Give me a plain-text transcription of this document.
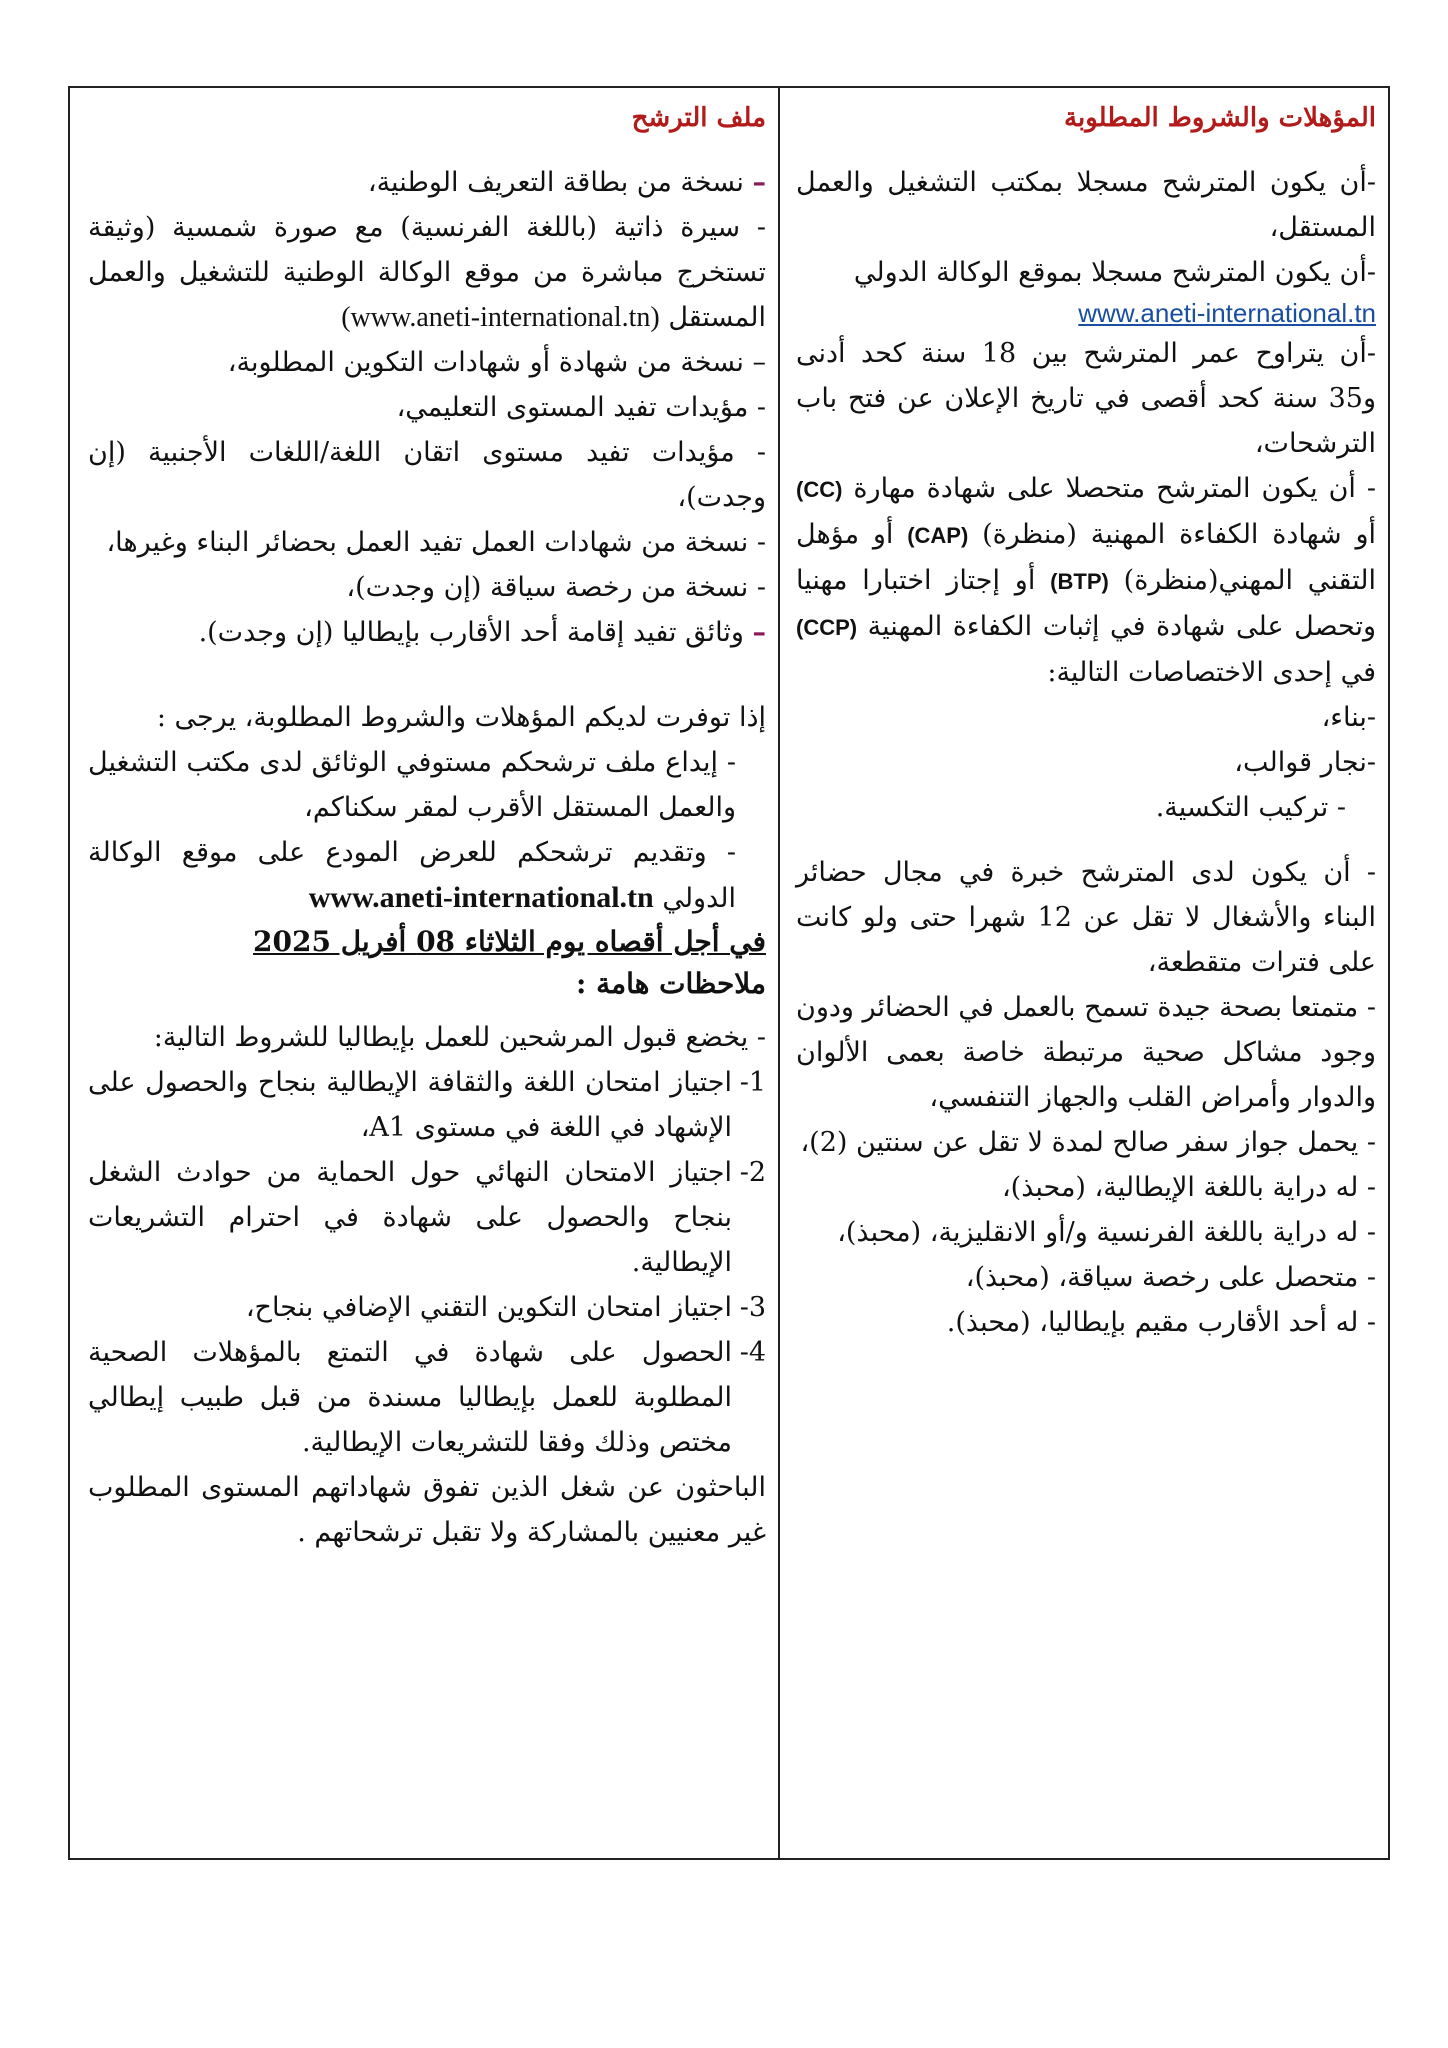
المؤهلات والشروط المطلوبة

-أن يكون المترشح مسجلا بمكتب التشغيل والعمل المستقل،

-أن يكون المترشح مسجلا بموقع الوكالة الدولي

www.aneti-international.tn

-أن يتراوح عمر المترشح بين 18 سنة كحد أدنى و35 سنة كحد أقصى في تاريخ الإعلان عن فتح باب الترشحات،

- أن يكون المترشح متحصلا على شهادة مهارة (CC) أو شهادة الكفاءة المهنية (منظرة) (CAP) أو مؤهل التقني المهني(منظرة) (BTP) أو إجتاز اختبارا مهنيا وتحصل على شهادة في إثبات الكفاءة المهنية (CCP) في إحدى الاختصاصات التالية:

-بناء،

-نجار قوالب،

- تركيب التكسية.

- أن يكون لدى المترشح خبرة في مجال حضائر البناء والأشغال لا تقل عن 12 شهرا حتى ولو كانت على فترات متقطعة،

- متمتعا بصحة جيدة تسمح بالعمل في الحضائر ودون وجود مشاكل صحية مرتبطة خاصة بعمى الألوان والدوار وأمراض القلب والجهاز التنفسي،

- يحمل جواز سفر صالح لمدة لا تقل عن سنتين (2)،

- له دراية باللغة الإيطالية، (محبذ)،

- له دراية باللغة الفرنسية و/أو الانقليزية، (محبذ)،

- متحصل على رخصة سياقة، (محبذ)،

- له أحد الأقارب مقيم بإيطاليا، (محبذ).

ملف الترشح

– نسخة من بطاقة التعريف الوطنية،

- سيرة ذاتية (باللغة الفرنسية) مع صورة شمسية (وثيقة تستخرج مباشرة من موقع الوكالة الوطنية للتشغيل والعمل المستقل (www.aneti-international.tn)

– نسخة من شهادة أو شهادات التكوين المطلوبة،

- مؤيدات تفيد المستوى التعليمي،

- مؤيدات تفيد مستوى اتقان اللغة/اللغات الأجنبية (إن وجدت)،

- نسخة من شهادات العمل تفيد العمل بحضائر البناء وغيرها،

- نسخة من رخصة سياقة (إن وجدت)،

– وثائق تفيد إقامة أحد الأقارب بإيطاليا (إن وجدت).

إذا توفرت لديكم المؤهلات والشروط المطلوبة، يرجى :

- إيداع ملف ترشحكم مستوفي الوثائق لدى مكتب التشغيل والعمل المستقل الأقرب لمقر سكناكم،

- وتقديم ترشحكم للعرض المودع على موقع الوكالة الدولي www.aneti-international.tn

في أجل أقصاه يوم الثلاثاء 08 أفريل 2025

ملاحظات هامة :

- يخضع قبول المرشحين للعمل بإيطاليا للشروط التالية:

1-
اجتياز امتحان اللغة والثقافة الإيطالية بنجاح والحصول على الإشهاد في اللغة في مستوى A1،

2-
اجتياز الامتحان النهائي حول الحماية من حوادث الشغل بنجاح والحصول على شهادة في احترام التشريعات الإيطالية.

3-
اجتياز امتحان التكوين التقني الإضافي بنجاح،

4-
الحصول على شهادة في التمتع بالمؤهلات الصحية المطلوبة للعمل بإيطاليا مسندة من قبل طبيب إيطالي مختص وذلك وفقا للتشريعات الإيطالية.

الباحثون عن شغل الذين تفوق شهاداتهم المستوى المطلوب غير معنيين بالمشاركة ولا تقبل ترشحاتهم .
